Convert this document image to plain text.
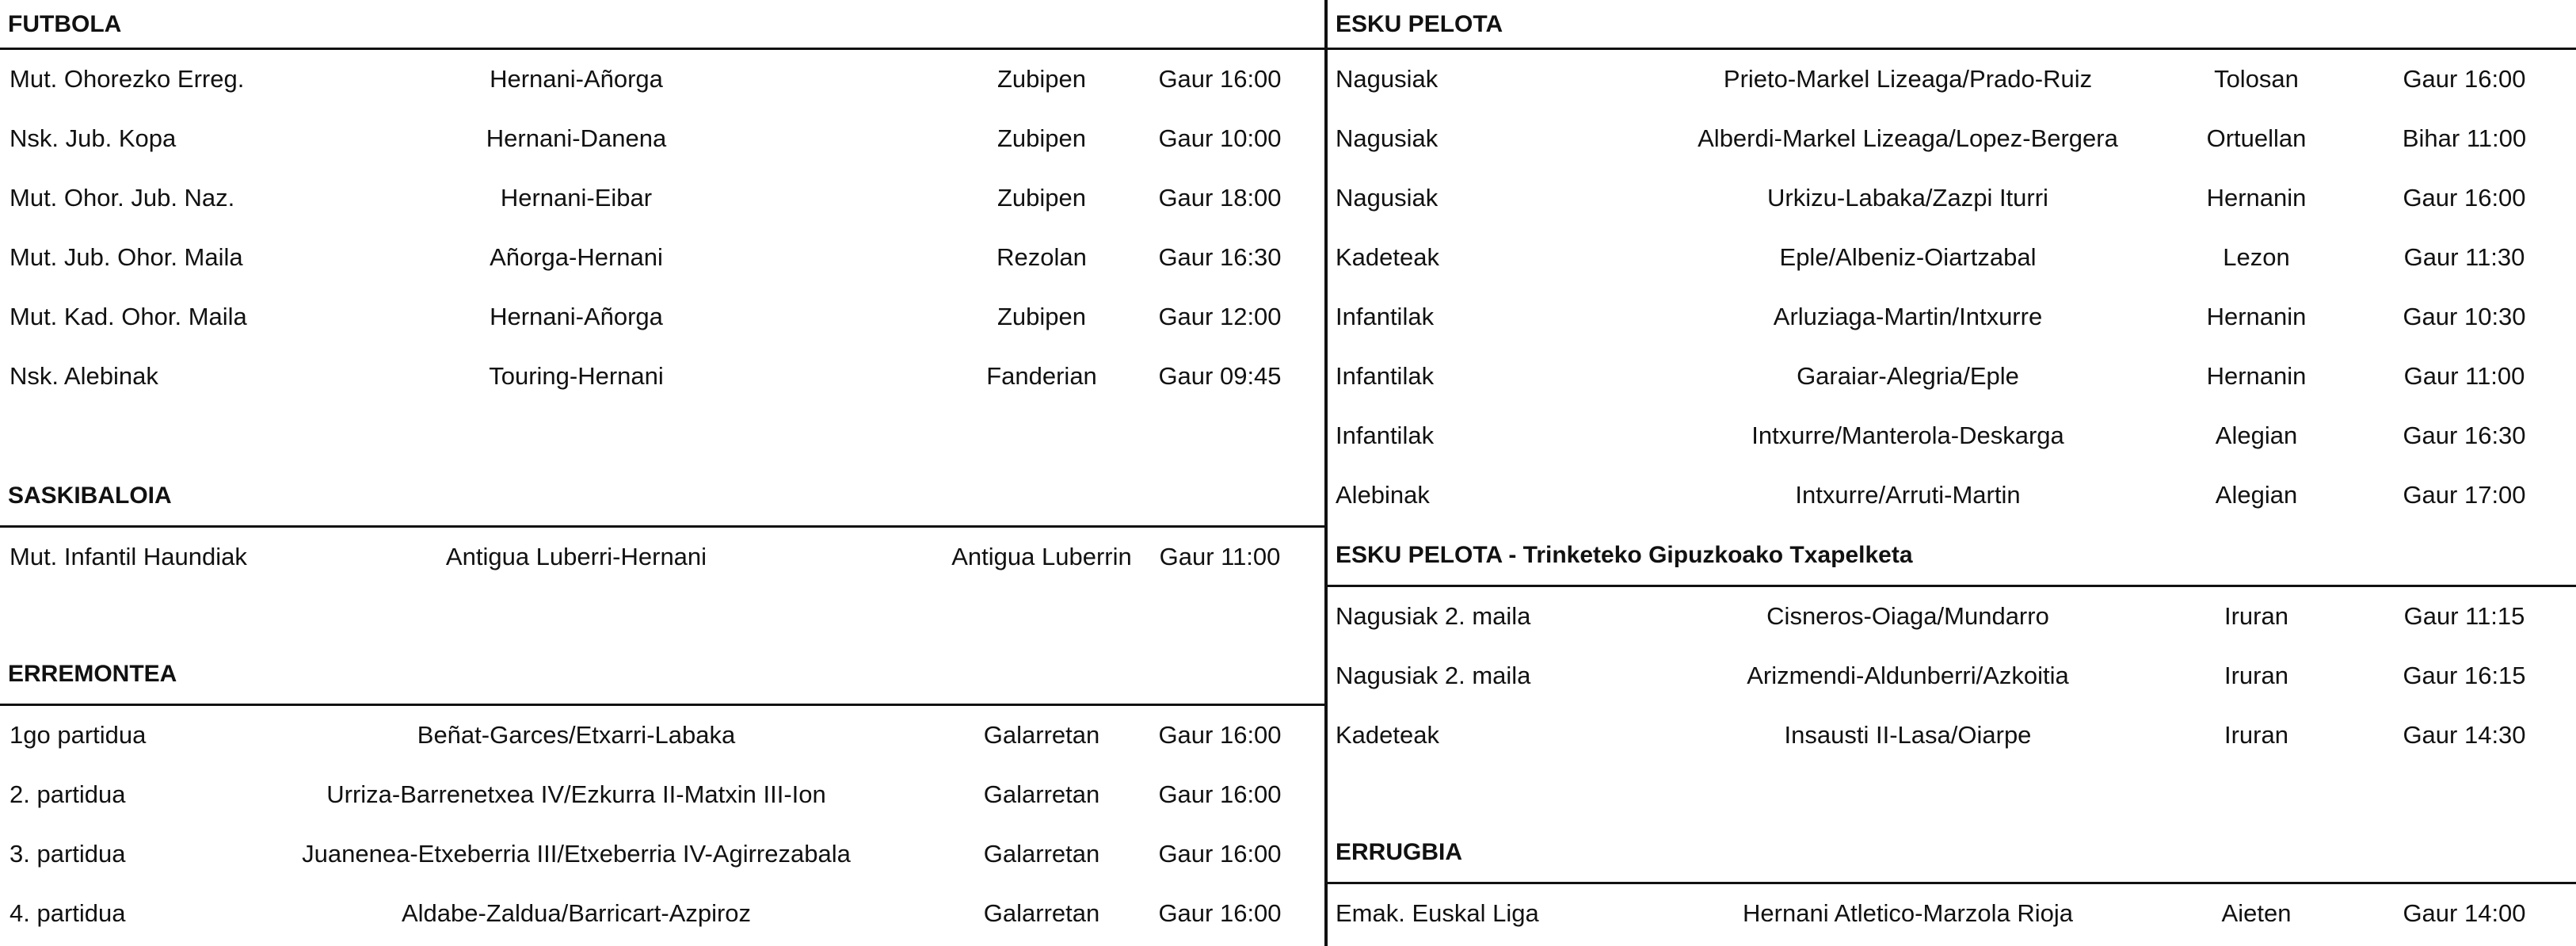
FUTBOLA
Mut. Ohorezko Erreg.	Hernani-Añorga	Zubipen	Gaur 16:00
Nsk. Jub. Kopa	Hernani-Danena	Zubipen	Gaur 10:00
Mut. Ohor. Jub. Naz.	Hernani-Eibar	Zubipen	Gaur 18:00
Mut. Jub. Ohor. Maila	Añorga-Hernani	Rezolan	Gaur 16:30
Mut. Kad. Ohor. Maila	Hernani-Añorga	Zubipen	Gaur 12:00
Nsk. Alebinak	Touring-Hernani	Fanderian	Gaur 09:45
SASKIBALOIA
Mut. Infantil Haundiak	Antigua Luberri-Hernani	Antigua Luberrin	Gaur 11:00
ERREMONTEA
1go partidua	Beñat-Garces/Etxarri-Labaka	Galarretan	Gaur 16:00
2. partidua	Urriza-Barrenetxea IV/Ezkurra II-Matxin III-Ion	Galarretan	Gaur 16:00
3. partidua	Juanenea-Etxeberria III/Etxeberria IV-Agirrezabala	Galarretan	Gaur 16:00
4. partidua	Aldabe-Zaldua/Barricart-Azpiroz	Galarretan	Gaur 16:00
ESKU PELOTA
Nagusiak	Prieto-Markel Lizeaga/Prado-Ruiz	Tolosan	Gaur 16:00
Nagusiak	Alberdi-Markel Lizeaga/Lopez-Bergera	Ortuellan	Bihar 11:00
Nagusiak	Urkizu-Labaka/Zazpi Iturri	Hernanin	Gaur 16:00
Kadeteak	Eple/Albeniz-Oiartzabal	Lezon	Gaur 11:30
Infantilak	Arluziaga-Martin/Intxurre	Hernanin	Gaur 10:30
Infantilak	Garaiar-Alegria/Eple	Hernanin	Gaur 11:00
Infantilak	Intxurre/Manterola-Deskarga	Alegian	Gaur 16:30
Alebinak	Intxurre/Arruti-Martin	Alegian	Gaur 17:00
ESKU PELOTA - Trinketeko Gipuzkoako Txapelketa
Nagusiak 2. maila	Cisneros-Oiaga/Mundarro	Iruran	Gaur 11:15
Nagusiak 2. maila	Arizmendi-Aldunberri/Azkoitia	Iruran	Gaur 16:15
Kadeteak	Insausti II-Lasa/Oiarpe	Iruran	Gaur 14:30
ERRUGBIA
Emak. Euskal Liga	Hernani Atletico-Marzola Rioja	Aieten	Gaur 14:00
